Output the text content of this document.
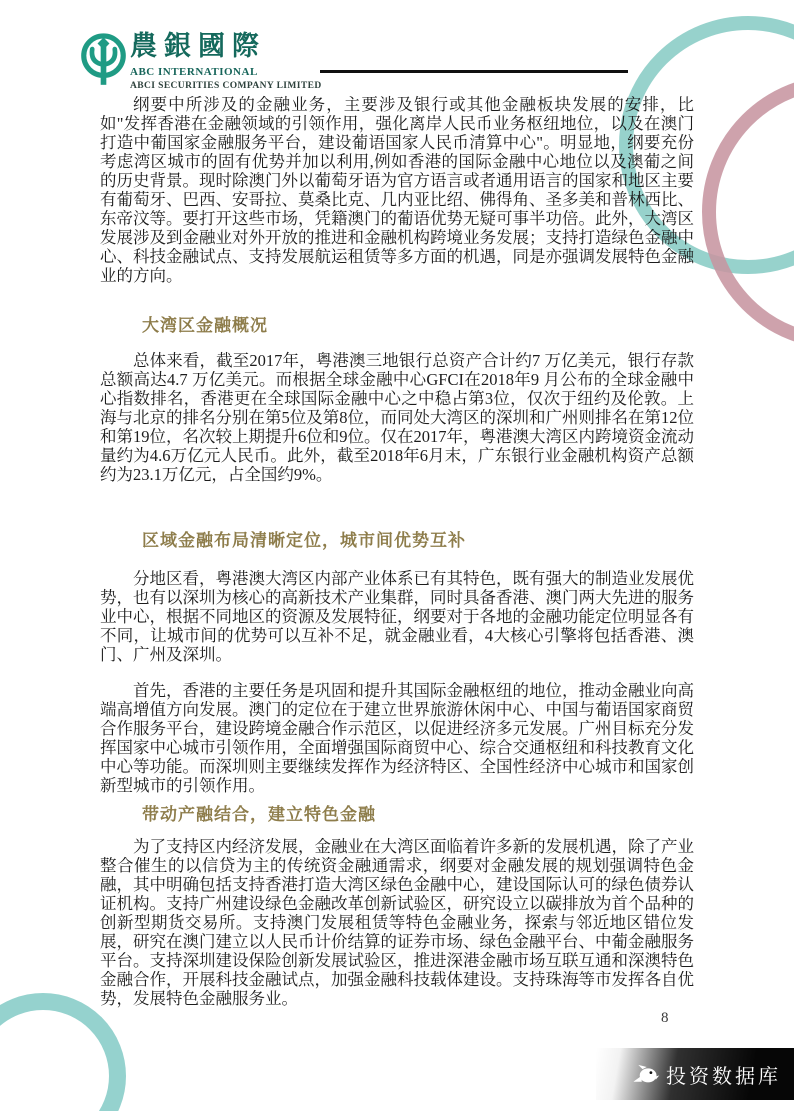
農銀國際
ABC INTERNATIONAL
ABCI SECURITIES COMPANY LIMITED

纲要中所涉及的金融业务，主要涉及银行或其他金融板块发展的安排，比如"发挥香港在金融领域的引领作用，强化离岸人民币业务枢纽地位，以及在澳门打造中葡国家金融服务平台，建设葡语国家人民币清算中心"。明显地，纲要充份考虑湾区城市的固有优势并加以利用,例如香港的国际金融中心地位以及澳葡之间的历史背景。现时除澳门外以葡萄牙语为官方语言或者通用语言的国家和地区主要有葡萄牙、巴西、安哥拉、莫桑比克、几内亚比绍、佛得角、圣多美和普林西比、东帝汶等。要打开这些市场，凭籍澳门的葡语优势无疑可事半功倍。此外，大湾区发展涉及到金融业对外开放的推进和金融机构跨境业务发展；支持打造绿色金融中心、科技金融试点、支持发展航运租赁等多方面的机遇，同是亦强调发展特色金融业的方向。

大湾区金融概况

总体来看，截至2017年，粤港澳三地银行总资产合计约7 万亿美元，银行存款总额高达4.7 万亿美元。而根据全球金融中心GFCI在2018年9 月公布的全球金融中心指数排名，香港更在全球国际金融中心之中稳占第3位，仅次于纽约及伦敦。上海与北京的排名分别在第5位及第8位，而同处大湾区的深圳和广州则排名在第12位和第19位，名次较上期提升6位和9位。仅在2017年，粤港澳大湾区内跨境资金流动量约为4.6万亿元人民币。此外，截至2018年6月末，广东银行业金融机构资产总额约为23.1万亿元，占全国约9%。

区域金融布局清晰定位，城市间优势互补

分地区看，粤港澳大湾区内部产业体系已有其特色，既有强大的制造业发展优势，也有以深圳为核心的高新技术产业集群，同时具备香港、澳门两大先进的服务业中心，根据不同地区的资源及发展特征，纲要对于各地的金融功能定位明显各有不同，让城市间的优势可以互补不足，就金融业看，4大核心引擎将包括香港、澳门、广州及深圳。

首先，香港的主要任务是巩固和提升其国际金融枢纽的地位，推动金融业向高端高增值方向发展。澳门的定位在于建立世界旅游休闲中心、中国与葡语国家商贸合作服务平台，建设跨境金融合作示范区，以促进经济多元发展。广州目标充分发挥国家中心城市引领作用，全面增强国际商贸中心、综合交通枢纽和科技教育文化中心等功能。而深圳则主要继续发挥作为经济特区、全国性经济中心城市和国家创新型城市的引领作用。

带动产融结合，建立特色金融

为了支持区内经济发展，金融业在大湾区面临着许多新的发展机遇，除了产业整合催生的以信贷为主的传统资金融通需求，纲要对金融发展的规划强调特色金融，其中明确包括支持香港打造大湾区绿色金融中心，建设国际认可的绿色债券认证机构。支持广州建设绿色金融改革创新试验区，研究设立以碳排放为首个品种的创新型期货交易所。支持澳门发展租赁等特色金融业务，探索与邻近地区错位发展，研究在澳门建立以人民币计价结算的证券市场、绿色金融平台、中葡金融服务平台。支持深圳建设保险创新发展试验区，推进深港金融市场互联互通和深澳特色金融合作，开展科技金融试点，加强金融科技载体建设。支持珠海等市发挥各自优势，发展特色金融服务业。

8
投资数据库
